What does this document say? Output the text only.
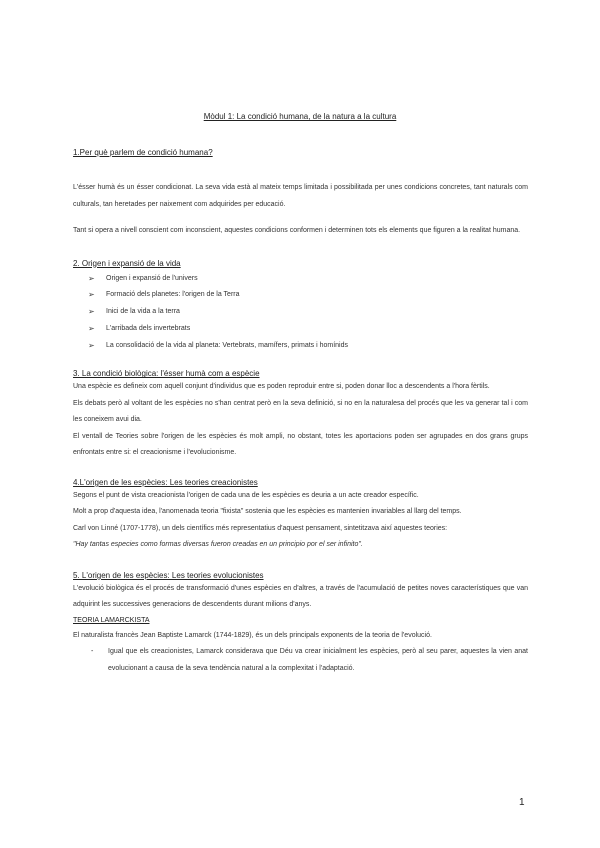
Mòdul 1: La condició humana, de la natura a la cultura
1.Per què parlem de condició humana?
L'ésser humà és un ésser condicionat. La seva vida està al mateix temps limitada i possibilitada per unes condicions concretes, tant naturals com culturals, tan heretades per naixement com adquirides per educació.
Tant si opera a nivell conscient com inconscient, aquestes condicions conformen i determinen tots els elements que figuren a la realitat humana.
2. Origen i expansió de la vida
➢	Origen i expansió de l'univers
➢	Formació dels planetes: l'origen de la Terra
➢	Inici de la vida a la terra
➢	L'arribada dels invertebrats
➢	La consolidació de la vida al planeta: Vertebrats, mamífers, primats i homínids
3. La condició biològica: l'ésser humà com a espècie
Una espècie es defineix com aquell conjunt d'individus que es poden reproduir entre si, poden donar lloc a descendents a l'hora fèrtils.
Els debats però al voltant de les espècies no s'han centrat però en la seva definició, si no en la naturalesa del procés que les va generar tal i com les coneixem avui dia.
El ventall de Teories sobre l'origen de les espècies és molt ampli, no obstant, totes les aportacions poden ser agrupades en dos grans grups enfrontats entre si: el creacionisme i l'evolucionisme.
4.L'origen de les espècies: Les teories creacionistes
Segons el punt de vista creacionista l'origen de cada una de les espècies es deuria a un acte creador específic.
Molt a prop d'aquesta idea, l'anomenada teoria "fixista" sostenia que les espècies es mantenien invariables al llarg del temps.
Carl von Linné (1707-1778), un dels científics més representatius d'aquest pensament, sintetitzava així aquestes teories:
"Hay tantas especies como formas diversas fueron creadas en un principio por el ser infinito".
5. L'origen de les espècies: Les teories evolucionistes
L'evolució biològica és el procés de transformació d'unes espècies en d'altres, a través de l'acumulació de petites noves característiques que van adquirint les successives generacions de descendents durant milions d'anys.
TEORIA LAMARCKISTA
El naturalista francès Jean Baptiste Lamarck (1744-1829), és un dels principals exponents de la teoria de l'evolució.
-	Igual que els creacionistes, Lamarck considerava que Déu va crear inicialment les espècies, però al seu parer, aquestes la vien anat evolucionant a causa de la seva tendència natural a la complexitat i l'adaptació.
1
